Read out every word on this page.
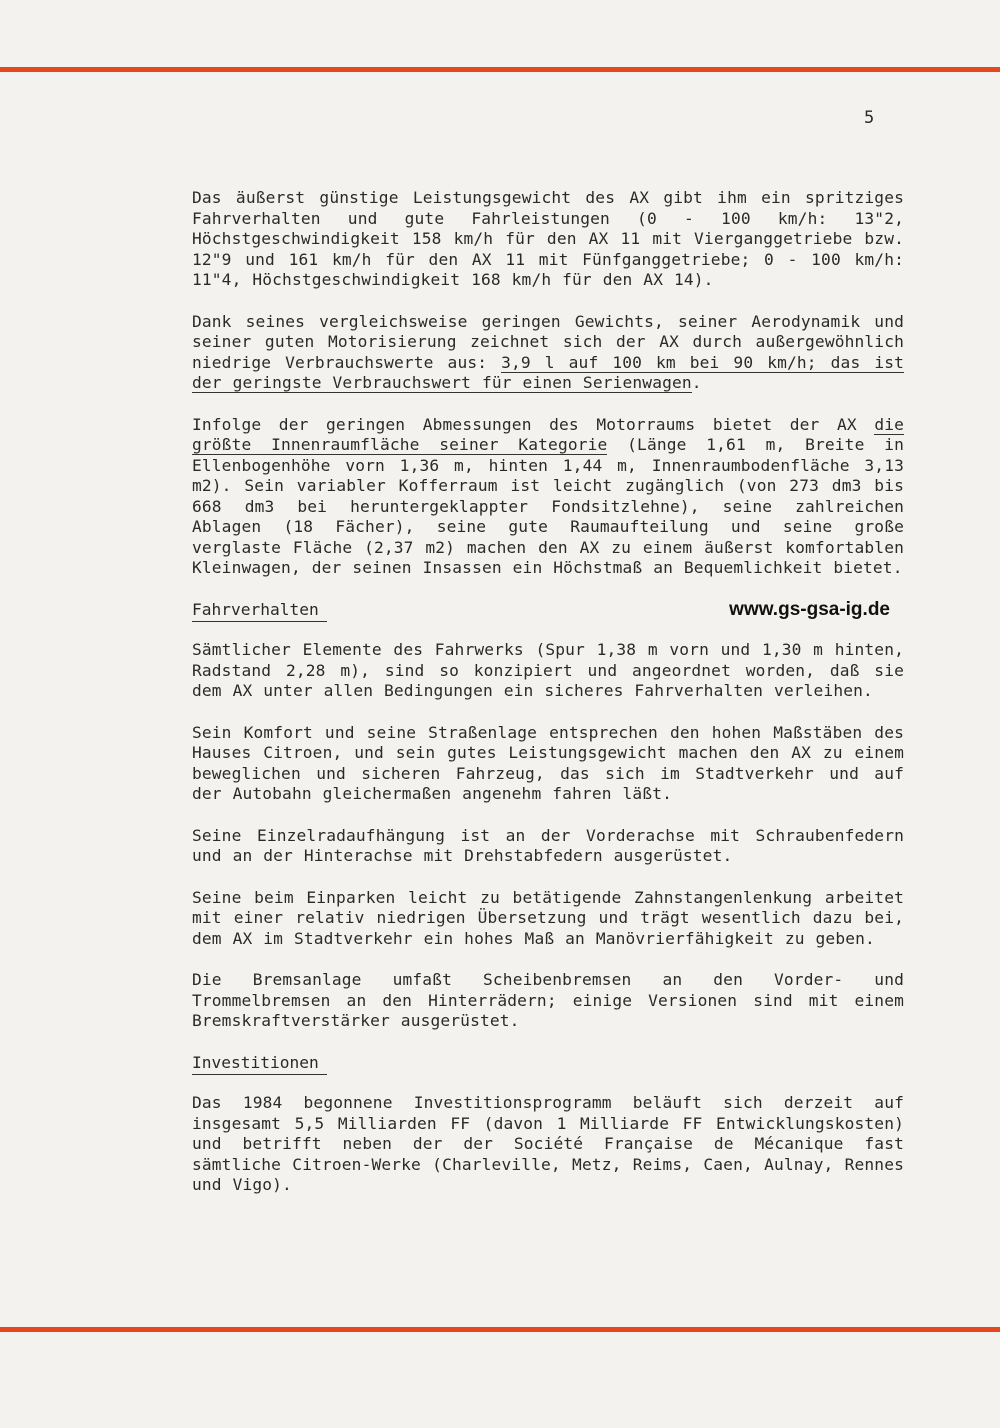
5

Das äußerst günstige Leistungsgewicht des AX gibt ihm ein spritziges Fahrverhalten und gute Fahrleistungen (0 - 100 km/h: 13"2, Höchstgeschwindigkeit 158 km/h für den AX 11 mit Vierganggetriebe bzw. 12"9 und 161 km/h für den AX 11 mit Fünfganggetriebe; 0 - 100 km/h: 11"4, Höchstgeschwindigkeit 168 km/h für den AX 14).

Dank seines vergleichsweise geringen Gewichts, seiner Aerodynamik und seiner guten Motorisierung zeichnet sich der AX durch außergewöhnlich niedrige Verbrauchswerte aus: 3,9 l auf 100 km bei 90 km/h; das ist der geringste Verbrauchswert für einen Serienwagen.

Infolge der geringen Abmessungen des Motorraums bietet der AX die größte Innenraumfläche seiner Kategorie (Länge 1,61 m, Breite in Ellenbogenhöhe vorn 1,36 m, hinten 1,44 m, Innenraumbodenfläche 3,13 m2). Sein variabler Kofferraum ist leicht zugänglich (von 273 dm3 bis 668 dm3 bei heruntergeklappter Fondsitzlehne), seine zahlreichen Ablagen (18 Fächer), seine gute Raumaufteilung und seine große verglaste Fläche (2,37 m2) machen den AX zu einem äußerst komfortablen Kleinwagen, der seinen Insassen ein Höchstmaß an Bequemlichkeit bietet.

Fahrverhalten	www.gs-gsa-ig.de

Sämtlicher Elemente des Fahrwerks (Spur 1,38 m vorn und 1,30 m hinten, Radstand 2,28 m), sind so konzipiert und angeordnet worden, daß sie dem AX unter allen Bedingungen ein sicheres Fahrverhalten verleihen.

Sein Komfort und seine Straßenlage entsprechen den hohen Maßstäben des Hauses Citroen, und sein gutes Leistungsgewicht machen den AX zu einem beweglichen und sicheren Fahrzeug, das sich im Stadtverkehr und auf der Autobahn gleichermaßen angenehm fahren läßt.

Seine Einzelradaufhängung ist an der Vorderachse mit Schraubenfedern und an der Hinterachse mit Drehstabfedern ausgerüstet.

Seine beim Einparken leicht zu betätigende Zahnstangenlenkung arbeitet mit einer relativ niedrigen Übersetzung und trägt wesentlich dazu bei, dem AX im Stadtverkehr ein hohes Maß an Manövrierfähigkeit zu geben.

Die Bremsanlage umfaßt Scheibenbremsen an den Vorder- und Trommelbremsen an den Hinterrädern; einige Versionen sind mit einem Bremskraftverstärker ausgerüstet.

Investitionen

Das 1984 begonnene Investitionsprogramm beläuft sich derzeit auf insgesamt 5,5 Milliarden FF (davon 1 Milliarde FF Entwicklungskosten) und betrifft neben der der Société Française de Mécanique fast sämtliche Citroen-Werke (Charleville, Metz, Reims, Caen, Aulnay, Rennes und Vigo).
